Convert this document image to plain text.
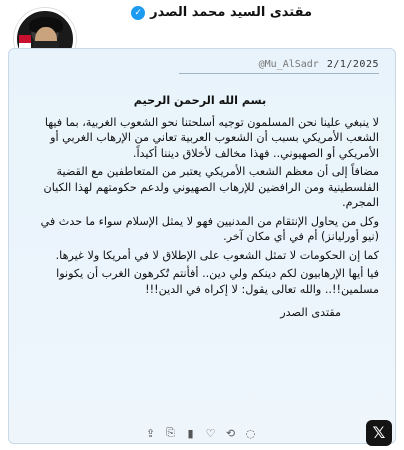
مقتدى السيد محمد الصدر
✓
@Mu_AlSadr 2/1/2025

بسم الله الرحمن الرحيم

لا ينبغي علينا نحن المسلمون توجيه أسلحتنا نحو الشعوب الغربية، بما فيها الشعب الأمريكي بسبب أن الشعوب العربية تعاني من الإرهاب الغربي أو الأمريكي أو الصهيوني.. فهذا مخالف لأخلاق ديننا أكيداً.

مضافاً إلى أن معظم الشعب الأمريكي يعتبر من المتعاطفين مع القضية الفلسطينية ومن الرافضين للإرهاب الصهيوني ولدعم حكومتهم لهذا الكيان المجرم.

وكل من يحاول الإنتقام من المدنيين فهو لا يمثل الإسلام سواء ما حدث في (نيو أورليانز) أم في أي مكان آخر.

كما إن الحكومات لا تمثل الشعوب على الإطلاق لا في أمريكا ولا غيرها.

فيا أيها الإرهابيون لكم دينكم ولي دين.. أفأنتم تُكرهون الغرب أن يكونوا مسلمين!!.. والله تعالى يقول: لا إكراه في الدين!!!

مقتدى الصدر

⇪ ⎘ ▮ ♡ ⟲ ◌	𝕏
